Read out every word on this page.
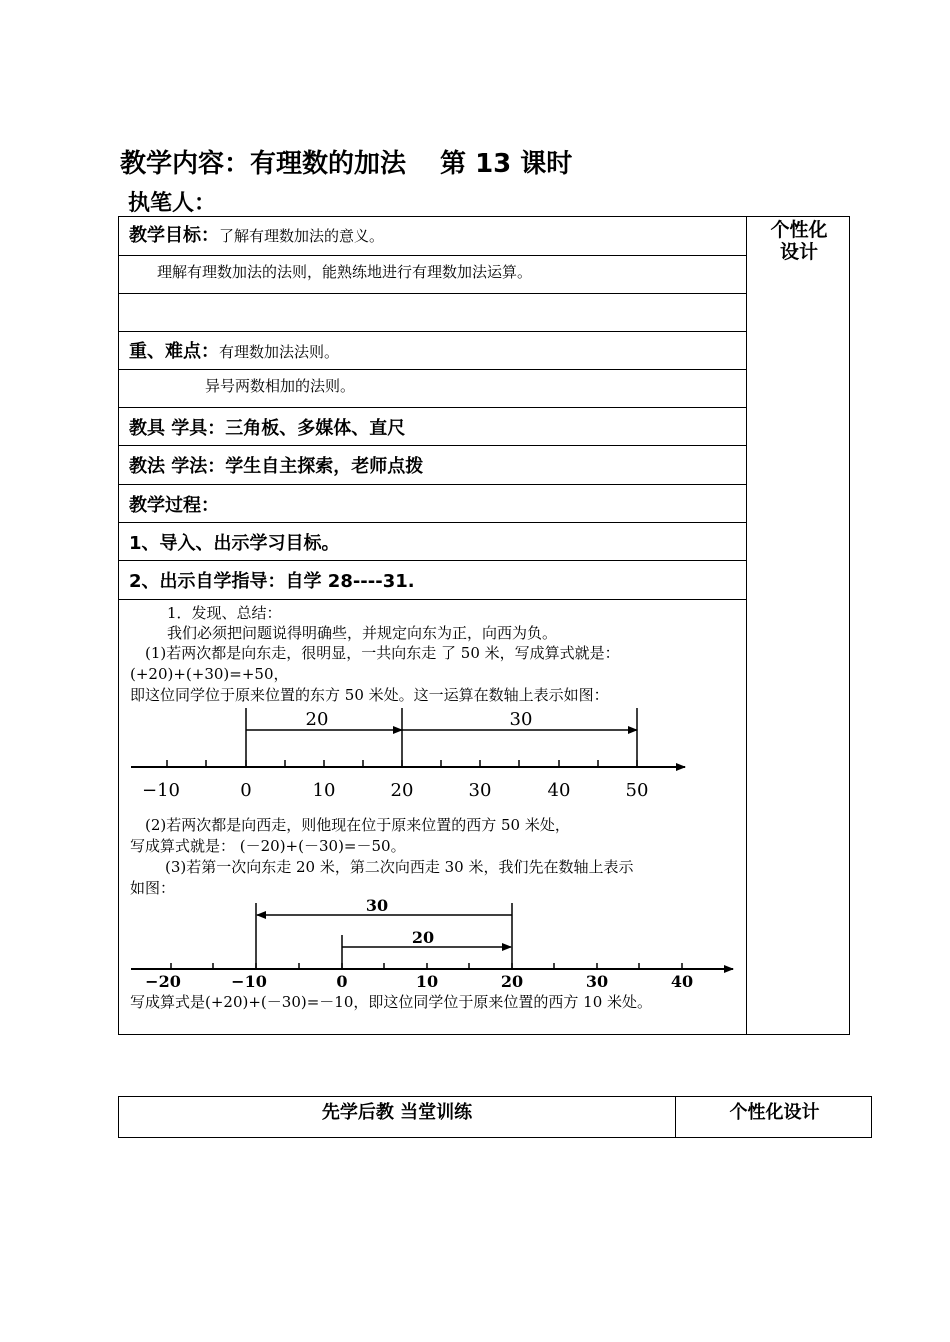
教学内容：有理数的加法 第 13 课时
执笔人：
教学目标：了解有理数加法的意义。
理解有理数加法的法则，能熟练地进行有理数加法运算。
重、难点：有理数加法法则。
异号两数相加的法则。
教具 学具：三角板、多媒体、直尺
教法 学法：学生自主探索，老师点拨
教学过程：
1、导入、出示学习目标。
2、出示自学指导：自学 28----31.
1．发现、总结：
我们必须把问题说得明确些，并规定向东为正，向西为负。
(1)若两次都是向东走，很明显，一共向东走 了 50 米，写成算式就是：
(+20)+(+30)=+50，
即这位同学位于原来位置的东方 50 米处。这一运算在数轴上表示如图：
20	30
−10	0	10	20	30	40	50
(2)若两次都是向西走，则他现在位于原来位置的西方 50 米处，
写成算式就是： (－20)+(－30)=－50。
(3)若第一次向东走 20 米，第二次向西走 30 米，我们先在数轴上表示
如图：
30
20
−20	−10	0	10	20	30	40
写成算式是(+20)+(－30)=－10，即这位同学位于原来位置的西方 10 米处。
个性化
设计
先学后教 当堂训练	个性化设计
